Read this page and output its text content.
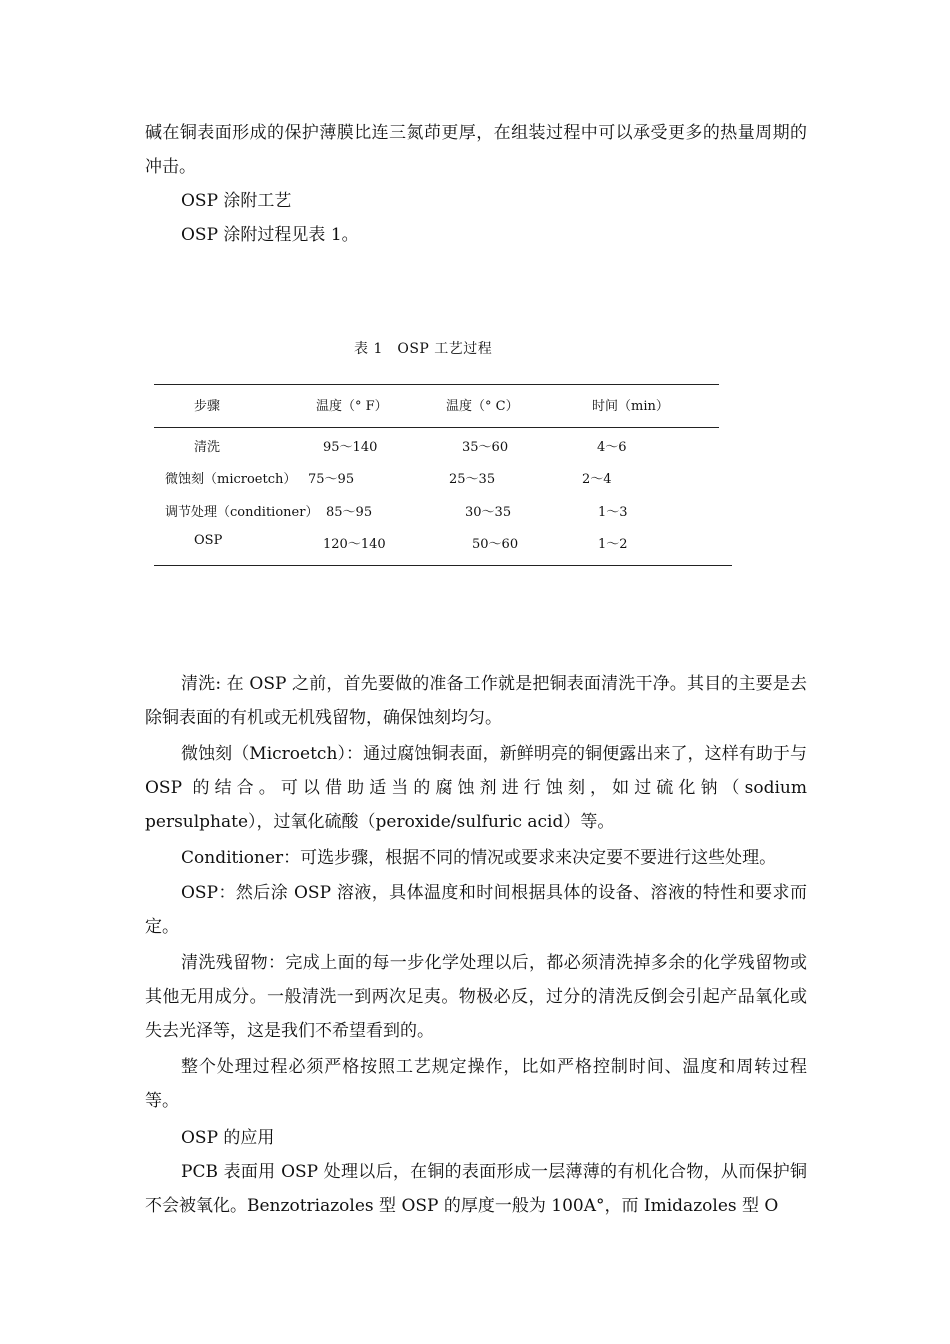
碱在铜表面形成的保护薄膜比连三氮茚更厚，在组装过程中可以承受更多的热量周期的冲击。

OSP 涂附工艺

OSP 涂附过程见表 1。

表 1　OSP 工艺过程
步骤	温度（° F）	温度（° C）	时间（min）
清洗	95～140	35～60	4～6
微蚀刻（microetch） 75～95	25～35	2～4
调节处理（conditioner） 85～95	30～35	1～3
OSP	120～140	50～60	1～2

清洗: 在 OSP 之前，首先要做的准备工作就是把铜表面清洗干净。其目的主要是去除铜表面的有机或无机残留物，确保蚀刻均匀。

微蚀刻（Microetch）：通过腐蚀铜表面，新鲜明亮的铜便露出来了，这样有助于与 OSP 的结合。可以借助适当的腐蚀剂进行蚀刻，如过硫化钠（sodium persulphate），过氧化硫酸（peroxide/sulfuric acid）等。

Conditioner：可选步骤，根据不同的情况或要求来决定要不要进行这些处理。

OSP：然后涂 OSP 溶液，具体温度和时间根据具体的设备、溶液的特性和要求而定。

清洗残留物：完成上面的每一步化学处理以后，都必须清洗掉多余的化学残留物或其他无用成分。一般清洗一到两次足夷。物极必反，过分的清洗反倒会引起产品氧化或失去光泽等，这是我们不希望看到的。

整个处理过程必须严格按照工艺规定操作，比如严格控制时间、温度和周转过程等。

OSP 的应用

PCB 表面用 OSP 处理以后，在铜的表面形成一层薄薄的有机化合物，从而保护铜不会被氧化。Benzotriazoles 型 OSP 的厚度一般为 100A°，而 Imidazoles 型 O
